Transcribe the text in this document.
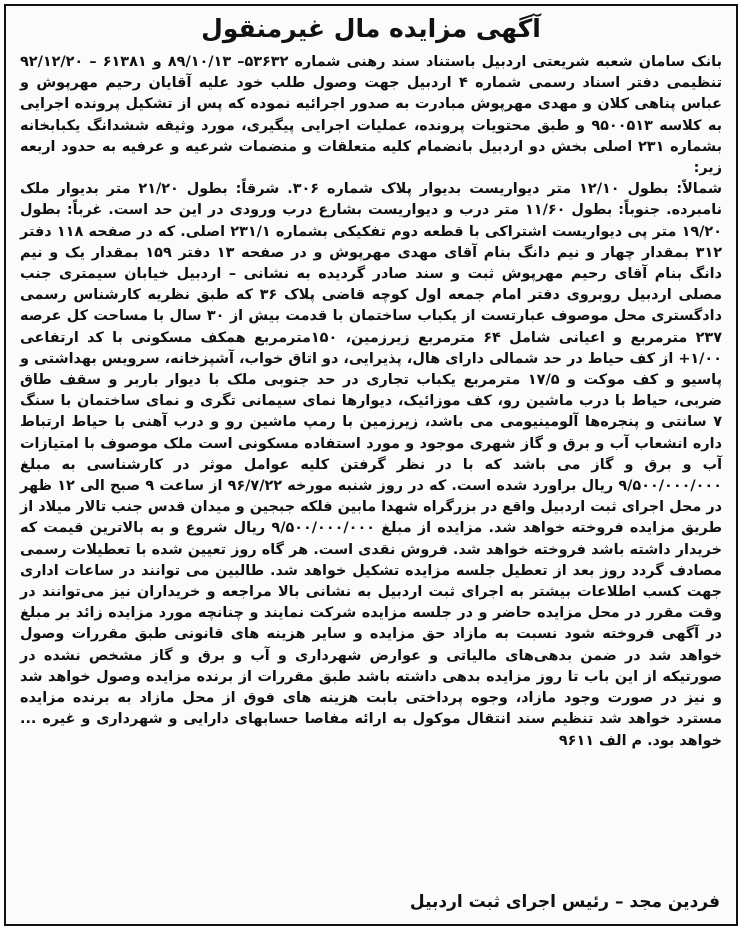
آگهی مزایده مال غیرمنقول

بانک سامان شعبه شریعتی اردبیل باستناد سند رهنی شماره ۵۳۶۳۲– ۸۹/۱۰/۱۳ و ۶۱۳۸۱ – ۹۲/۱۲/۲۰ تنظیمی دفتر اسناد رسمی شماره ۴ اردبیل جهت وصول طلب خود علیه آقایان رحیم مهرپوش و عباس پناهی کلان و مهدی مهرپوش مبادرت به صدور اجرائیه نموده که پس از تشکیل پرونده اجرایی به کلاسه ۹۵۰۰۵۱۳ و طبق محتویات پرونده، عملیات اجرایی پیگیری، مورد وثیقه ششدانگ یکبابخانه بشماره ۲۳۱ اصلی بخش دو اردبیل بانضمام کلیه متعلقات و منضمات شرعیه و عرفیه به حدود اربعه زیر:

شمالاً: بطول ۱۲/۱۰ متر دیواریست بدیوار پلاک شماره ۳۰۶. شرقاً: بطول ۲۱/۲۰ متر بدیوار ملک نامبرده. جنوباً: بطول ۱۱/۶۰ متر درب و دیواریست بشارع درب ورودی در این حد است. غرباً: بطول ۱۹/۲۰ متر پی دیواریست اشتراکی با قطعه دوم تفکیکی بشماره ۲۳۱/۱ اصلی. که در صفحه ۱۱۸ دفتر ۳۱۲ بمقدار چهار و نیم دانگ بنام آقای مهدی مهرپوش و در صفحه ۱۳ دفتر ۱۵۹ بمقدار یک و نیم دانگ بنام آقای رحیم مهرپوش ثبت و سند صادر گردیده به نشانی – اردبیل خیابان سیمتری جنب مصلی اردبیل روبروی دفتر امام جمعه اول کوچه قاضی پلاک ۳۶ که طبق نظریه کارشناس رسمی دادگستری محل موصوف عبارتست از یکباب ساختمان با قدمت بیش از ۳۰ سال با مساحت کل عرصه ۲۳۷ مترمربع و اعیانی شامل ۶۴ مترمربع زیرزمین، ۱۵۰مترمربع همکف مسکونی با کد ارتفاعی ۱/۰۰+ از کف حیاط در حد شمالی دارای هال، پذیرایی، دو اتاق خواب، آشپزخانه، سرویس بهداشتی و پاسیو و کف موکت و ۱۷/۵ مترمربع یکباب تجاری در حد جنوبی ملک با دیوار باربر و سقف طاق ضربی، حیاط با درب ماشین رو، کف موزائیک، دیوارها نمای سیمانی تگری و نمای ساختمان با سنگ ۷ سانتی و پنجره‌ها آلومینیومی می باشد، زیرزمین با رمپ ماشین رو و درب آهنی با حیاط ارتباط داره انشعاب آب و برق و گاز شهری موجود و مورد استفاده مسکونی است ملک موصوف با امتیازات آب و برق و گاز می باشد که با در نظر گرفتن کلیه عوامل موثر در کارشناسی به مبلغ ۹/۵۰۰/۰۰۰/۰۰۰ ریال براورد شده است. که در روز شنبه مورخه ۹۶/۷/۲۲ از ساعت ۹ صبح الی ۱۲ ظهر در محل اجرای ثبت اردبیل واقع در بزرگراه شهدا مابین فلکه جبجین و میدان قدس جنب تالار میلاد از طریق مزایده فروخته خواهد شد. مزایده از مبلغ ۹/۵۰۰/۰۰۰/۰۰۰ ریال شروع و به بالاترین قیمت که خریدار داشته باشد فروخته خواهد شد. فروش نقدی است. هر گاه روز تعیین شده با تعطیلات رسمی مصادف گردد روز بعد از تعطیل جلسه مزایده تشکیل خواهد شد. طالبین می توانند در ساعات اداری جهت کسب اطلاعات بیشتر به اجرای ثبت اردبیل به نشانی بالا مراجعه و خریداران نیز می‌توانند در وقت مقرر در محل مزایده حاضر و در جلسه مزایده شرکت نمایند و چنانچه مورد مزایده زائد بر مبلغ در آگهی فروخته شود نسبت به مازاد حق مزایده و سایر هزینه های قانونی طبق مقررات وصول خواهد شد در ضمن بدهی‌های مالیاتی و عوارض شهرداری و آب و برق و گاز مشخص نشده در صورتیکه از این باب تا روز مزایده بدهی داشته باشد طبق مقررات از برنده مزایده وصول خواهد شد و نیز در صورت وجود مازاد، وجوه پرداختی بابت هزینه های فوق از محل مازاد به برنده مزایده مسترد خواهد شد تنظیم سند انتقال موکول به ارائه مفاصا حسابهای دارایی و شهرداری و غیره ... خواهد بود. م الف ۹۶۱۱

فردین مجد – رئیس اجرای ثبت اردبیل
